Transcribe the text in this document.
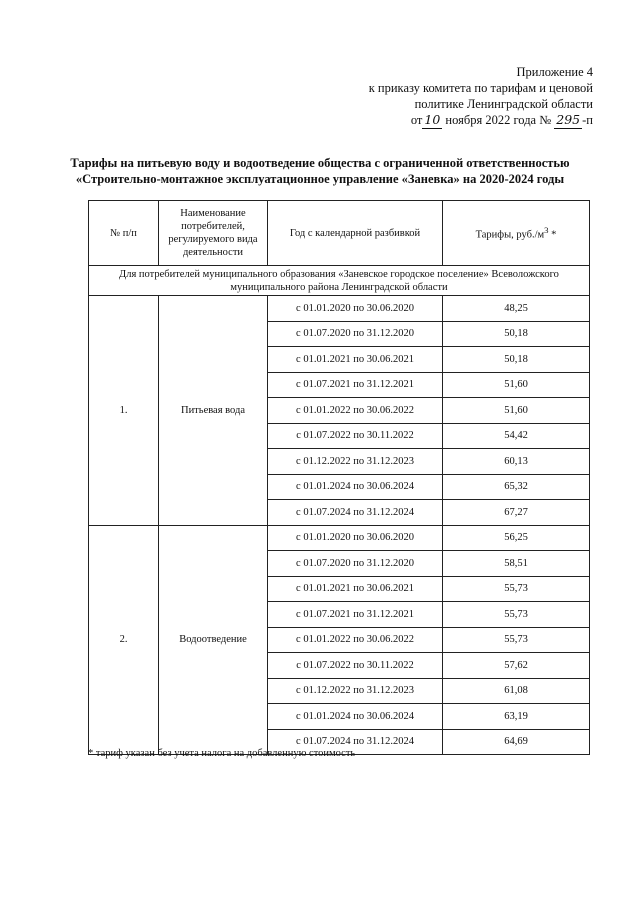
Приложение 4
к приказу комитета по тарифам и ценовой
политике Ленинградской области
от 10 ноября 2022 года № 295 -п
Тарифы на питьевую воду и водоотведение общества с ограниченной ответственностью
«Строительно-монтажное эксплуатационное управление «Заневка» на 2020-2024 годы
№ п/п	Наименование потребителей, регулируемого вида деятельности	Год с календарной разбивкой	Тарифы, $руб./м^3$ *
Для потребителей муниципального образования «Заневское городское поселение» Всеволожского муниципального района Ленинградской области			
1.	Питьевая вода	с 01.01.2020 по 30.06.2020	48,25
		с 01.07.2020 по 31.12.2020	50,18
		с 01.01.2021 по 30.06.2021	50,18
		с 01.07.2021 по 31.12.2021	51,60
		с 01.01.2022 по 30.06.2022	51,60
		с 01.07.2022 по 30.11.2022	54,42
		с 01.12.2022 по 31.12.2023	60,13
		с 01.01.2024 по 30.06.2024	65,32
		с 01.07.2024 по 31.12.2024	67,27
2.	Водоотведение	с 01.01.2020 по 30.06.2020	56,25
		с 01.07.2020 по 31.12.2020	58,51
		с 01.01.2021 по 30.06.2021	55,73
		с 01.07.2021 по 31.12.2021	55,73
		с 01.01.2022 по 30.06.2022	55,73
		с 01.07.2022 по 30.11.2022	57,62
		с 01.12.2022 по 31.12.2023	61,08
		с 01.01.2024 по 30.06.2024	63,19
		с 01.07.2024 по 31.12.2024	64,69
* тариф указан без учета налога на добавленную стоимость
